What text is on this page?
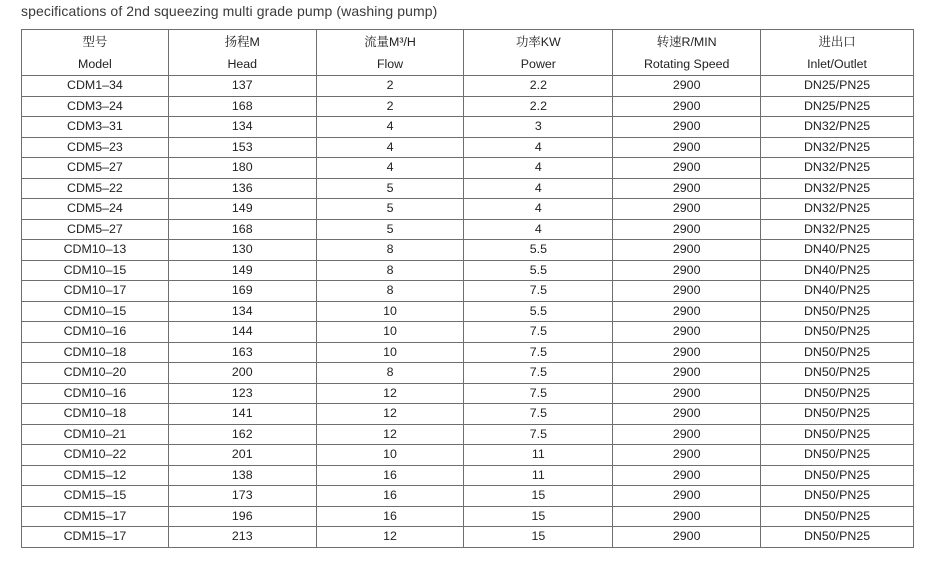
specifications of 2nd squeezing multi grade pump (washing pump)
型号	扬程M	流量M³/H	功率KW	转速R/MIN	进出口
Model	Head	Flow	Power	Rotating Speed	Inlet/Outlet
CDM1–34	137	2	2.2	2900	DN25/PN25
CDM3–24	168	2	2.2	2900	DN25/PN25
CDM3–31	134	4	3	2900	DN32/PN25
CDM5–23	153	4	4	2900	DN32/PN25
CDM5–27	180	4	4	2900	DN32/PN25
CDM5–22	136	5	4	2900	DN32/PN25
CDM5–24	149	5	4	2900	DN32/PN25
CDM5–27	168	5	4	2900	DN32/PN25
CDM10–13	130	8	5.5	2900	DN40/PN25
CDM10–15	149	8	5.5	2900	DN40/PN25
CDM10–17	169	8	7.5	2900	DN40/PN25
CDM10–15	134	10	5.5	2900	DN50/PN25
CDM10–16	144	10	7.5	2900	DN50/PN25
CDM10–18	163	10	7.5	2900	DN50/PN25
CDM10–20	200	8	7.5	2900	DN50/PN25
CDM10–16	123	12	7.5	2900	DN50/PN25
CDM10–18	141	12	7.5	2900	DN50/PN25
CDM10–21	162	12	7.5	2900	DN50/PN25
CDM10–22	201	10	11	2900	DN50/PN25
CDM15–12	138	16	11	2900	DN50/PN25
CDM15–15	173	16	15	2900	DN50/PN25
CDM15–17	196	16	15	2900	DN50/PN25
CDM15–17	213	12	15	2900	DN50/PN25
